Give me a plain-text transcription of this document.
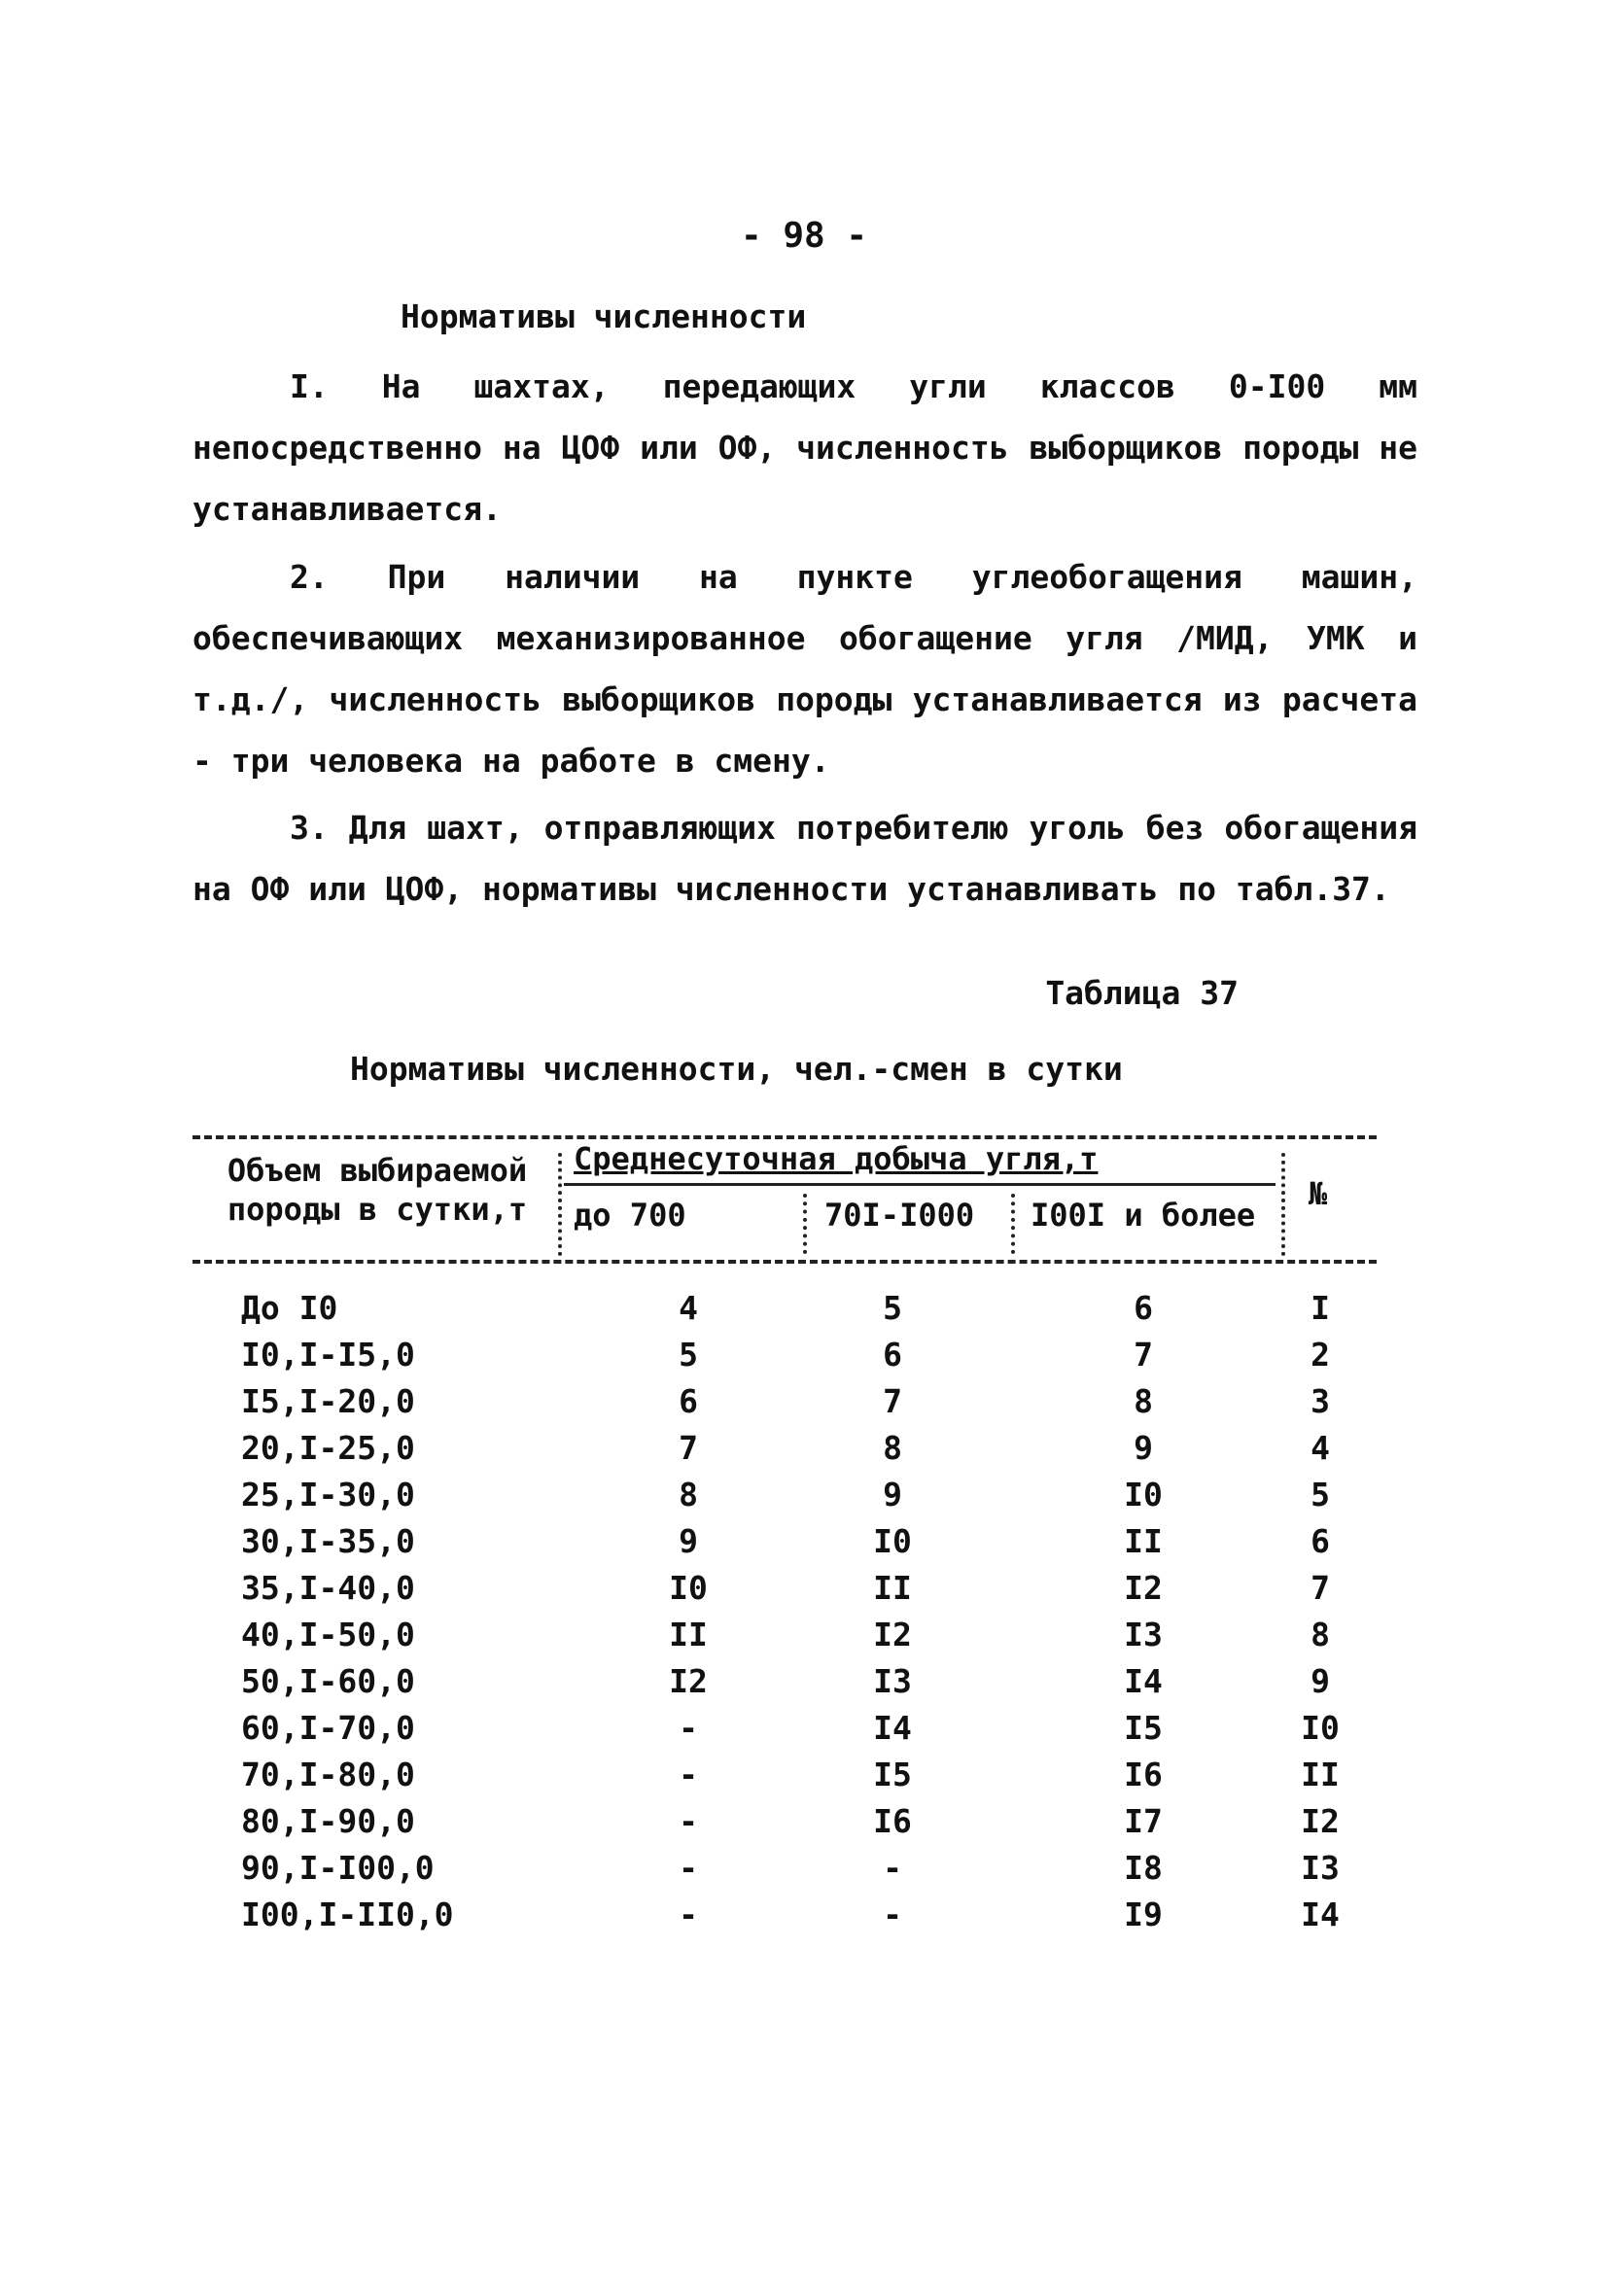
- 98 -
Нормативы численности

I. На шахтах, передающих угли классов 0-I00 мм непосредственно на ЦОФ или ОФ, численность выборщиков породы не устанавливается.

2. При наличии на пункте углеобогащения машин, обеспечивающих механизированное обогащение угля /МИД, УМК и т.д./, численность выборщиков породы устанавливается из расчета - три человека на работе в смену.

3. Для шахт, отправляющих потребителю уголь без обогащения на ОФ или ЦОФ, нормативы численности устанавливать по табл.37.

Таблица 37
Нормативы численности, чел.-смен в сутки
Объем выбираемой породы в сутки,т
Среднесуточная добыча угля,т
до 700	70I-I000 I00I и более
№
До I0	4	5	6	I
I0,I-I5,0	5	6	7	2
I5,I-20,0	6	7	8	3
20,I-25,0	7	8	9	4
25,I-30,0	8	9	I0	5
30,I-35,0	9	I0	II	6
35,I-40,0	I0	II	I2	7
40,I-50,0	II	I2	I3	8
50,I-60,0	I2	I3	I4	9
60,I-70,0	-	I4	I5	I0
70,I-80,0	-	I5	I6	II
80,I-90,0	-	I6	I7	I2
90,I-I00,0	-	-	I8	I3
I00,I-II0,0	-	-	I9	I4
